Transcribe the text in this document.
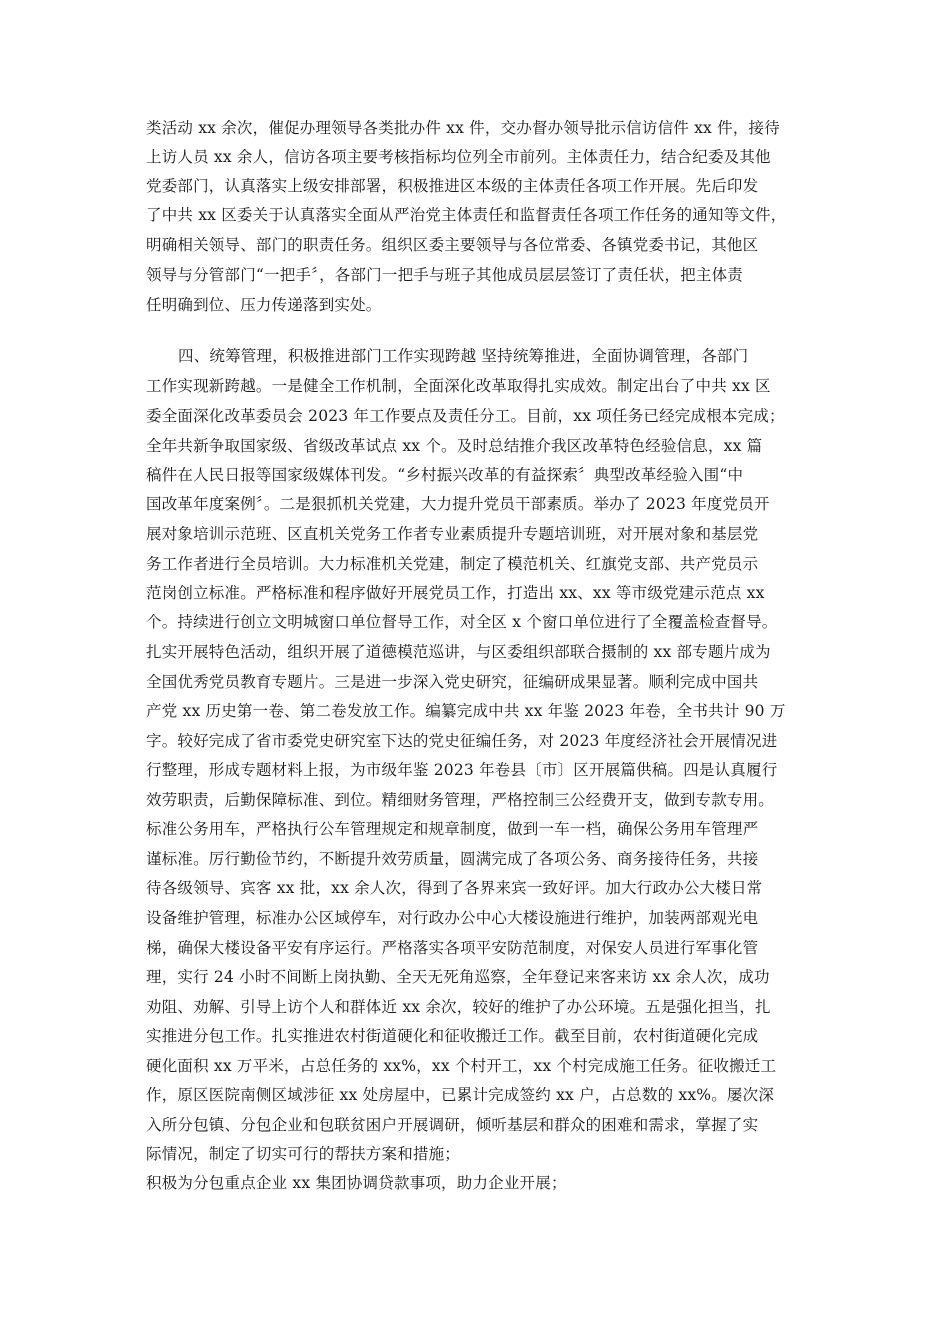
类活动 xx 余次，催促办理领导各类批办件 xx 件，交办督办领导批示信访信件 xx 件，接待
上访人员 xx 余人，信访各项主要考核指标均位列全市前列。主体责任力，结合纪委及其他
党委部门，认真落实上级安排部署，积极推进区本级的主体责任各项工作开展。先后印发
了中共 xx 区委关于认真落实全面从严治党主体责任和监督责任各项工作任务的通知等文件，
明确相关领导、部门的职责任务。组织区委主要领导与各位常委、各镇党委书记，其他区
领导与分管部门“一把手〞，各部门一把手与班子其他成员层层签订了责任状，把主体责
任明确到位、压力传递落到实处。
四、统筹管理，积极推进部门工作实现跨越 坚持统筹推进，全面协调管理，各部门
工作实现新跨越。一是健全工作机制，全面深化改革取得扎实成效。制定出台了中共 xx 区
委全面深化改革委员会 2023 年工作要点及责任分工。目前，xx 项任务已经完成根本完成；
全年共新争取国家级、省级改革试点 xx 个。及时总结推介我区改革特色经验信息，xx 篇
稿件在人民日报等国家级媒体刊发。“乡村振兴改革的有益探索〞典型改革经验入围“中
国改革年度案例〞。二是狠抓机关党建，大力提升党员干部素质。举办了 2023 年度党员开
展对象培训示范班、区直机关党务工作者专业素质提升专题培训班，对开展对象和基层党
务工作者进行全员培训。大力标准机关党建，制定了模范机关、红旗党支部、共产党员示
范岗创立标准。严格标准和程序做好开展党员工作，打造出 xx、xx 等市级党建示范点 xx
个。持续进行创立文明城窗口单位督导工作，对全区 x 个窗口单位进行了全覆盖检查督导。
扎实开展特色活动，组织开展了道德模范巡讲，与区委组织部联合摄制的 xx 部专题片成为
全国优秀党员教育专题片。三是进一步深入党史研究，征编研成果显著。顺利完成中国共
产党 xx 历史第一卷、第二卷发放工作。编纂完成中共 xx 年鉴 2023 年卷，全书共计 90 万
字。较好完成了省市委党史研究室下达的党史征编任务，对 2023 年度经济社会开展情况进
行整理，形成专题材料上报，为市级年鉴 2023 年卷县〔市〕区开展篇供稿。四是认真履行
效劳职责，后勤保障标准、到位。精细财务管理，严格控制三公经费开支，做到专款专用。
标准公务用车，严格执行公车管理规定和规章制度，做到一车一档，确保公务用车管理严
谨标准。厉行勤俭节约，不断提升效劳质量，圆满完成了各项公务、商务接待任务，共接
待各级领导、宾客 xx 批，xx 余人次，得到了各界来宾一致好评。加大行政办公大楼日常
设备维护管理，标准办公区域停车，对行政办公中心大楼设施进行维护，加装两部观光电
梯，确保大楼设备平安有序运行。严格落实各项平安防范制度，对保安人员进行军事化管
理，实行 24 小时不间断上岗执勤、全天无死角巡察，全年登记来客来访 xx 余人次，成功
劝阻、劝解、引导上访个人和群体近 xx 余次，较好的维护了办公环境。五是强化担当，扎
实推进分包工作。扎实推进农村街道硬化和征收搬迁工作。截至目前，农村街道硬化完成
硬化面积 xx 万平米，占总任务的 xx%，xx 个村开工，xx 个村完成施工任务。征收搬迁工
作，原区医院南侧区域涉征 xx 处房屋中，已累计完成签约 xx 户，占总数的 xx%。屡次深
入所分包镇、分包企业和包联贫困户开展调研，倾听基层和群众的困难和需求，掌握了实
际情况，制定了切实可行的帮扶方案和措施；
积极为分包重点企业 xx 集团协调贷款事项，助力企业开展；
